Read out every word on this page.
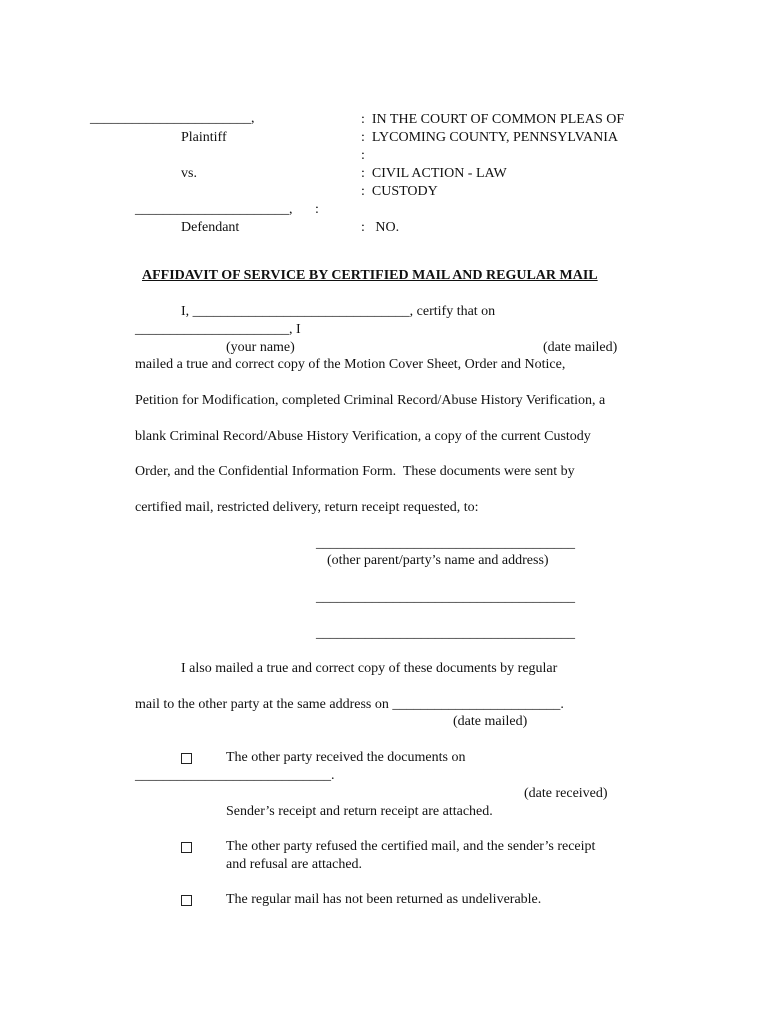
_______________________,
Plaintiff
vs.
______________________, :
Defendant
:  IN THE COURT OF COMMON PLEAS OF
:  LYCOMING COUNTY, PENNSYLVANIA
:
:  CIVIL ACTION - LAW
:  CUSTODY
:   NO.
AFFIDAVIT OF SERVICE BY CERTIFIED MAIL AND REGULAR MAIL
I, _______________________________, certify that on
______________________, I
(your name)	(date mailed)
mailed a true and correct copy of the Motion Cover Sheet, Order and Notice,
Petition for Modification, completed Criminal Record/Abuse History Verification, a
blank Criminal Record/Abuse History Verification, a copy of the current Custody
Order, and the Confidential Information Form.  These documents were sent by
certified mail, restricted delivery, return receipt requested, to:
_____________________________________
(other parent/party’s name and address)
_____________________________________
_____________________________________
I also mailed a true and correct copy of these documents by regular
mail to the other party at the same address on ________________________.
(date mailed)
The other party received the documents on
____________________________.
(date received)
Sender’s receipt and return receipt are attached.
The other party refused the certified mail, and the sender’s receipt
and refusal are attached.
The regular mail has not been returned as undeliverable.
